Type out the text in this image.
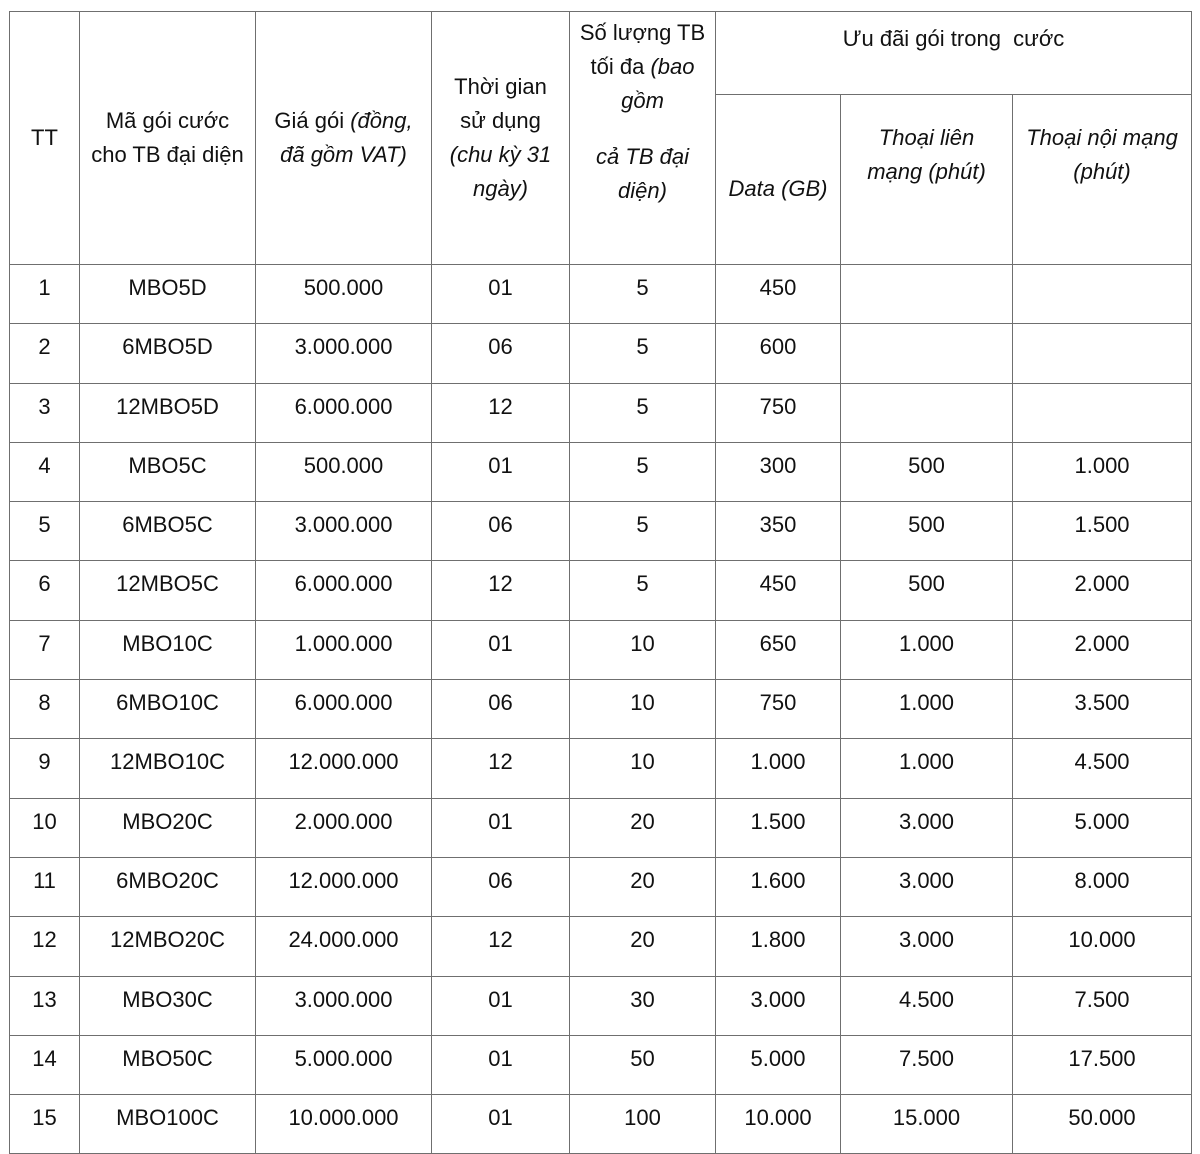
TT	Mã gói cước
cho TB đại diện	Giá gói (đồng,
đã gồm VAT)	Thời gian
sử dụng
(chu kỳ 31
ngày)	Số lượng TB
tối đa (bao
gồm
cả TB đại
diện)	Ưu đãi gói trong  cước		
					Data (GB)	Thoại liên
mạng (phút)	Thoại nội mạng
(phút)

1	MBO5D	500.000	01	5	450		
2	6MBO5D	3.000.000	06	5	600		
3	12MBO5D	6.000.000	12	5	750		
4	MBO5C	500.000	01	5	300	500	1.000
5	6MBO5C	3.000.000	06	5	350	500	1.500
6	12MBO5C	6.000.000	12	5	450	500	2.000
7	MBO10C	1.000.000	01	10	650	1.000	2.000
8	6MBO10C	6.000.000	06	10	750	1.000	3.500
9	12MBO10C	12.000.000	12	10	1.000	1.000	4.500
10	MBO20C	2.000.000	01	20	1.500	3.000	5.000
11	6MBO20C	12.000.000	06	20	1.600	3.000	8.000
12	12MBO20C	24.000.000	12	20	1.800	3.000	10.000
13	MBO30C	3.000.000	01	30	3.000	4.500	7.500
14	MBO50C	5.000.000	01	50	5.000	7.500	17.500
15	MBO100C	10.000.000	01	100	10.000	15.000	50.000
